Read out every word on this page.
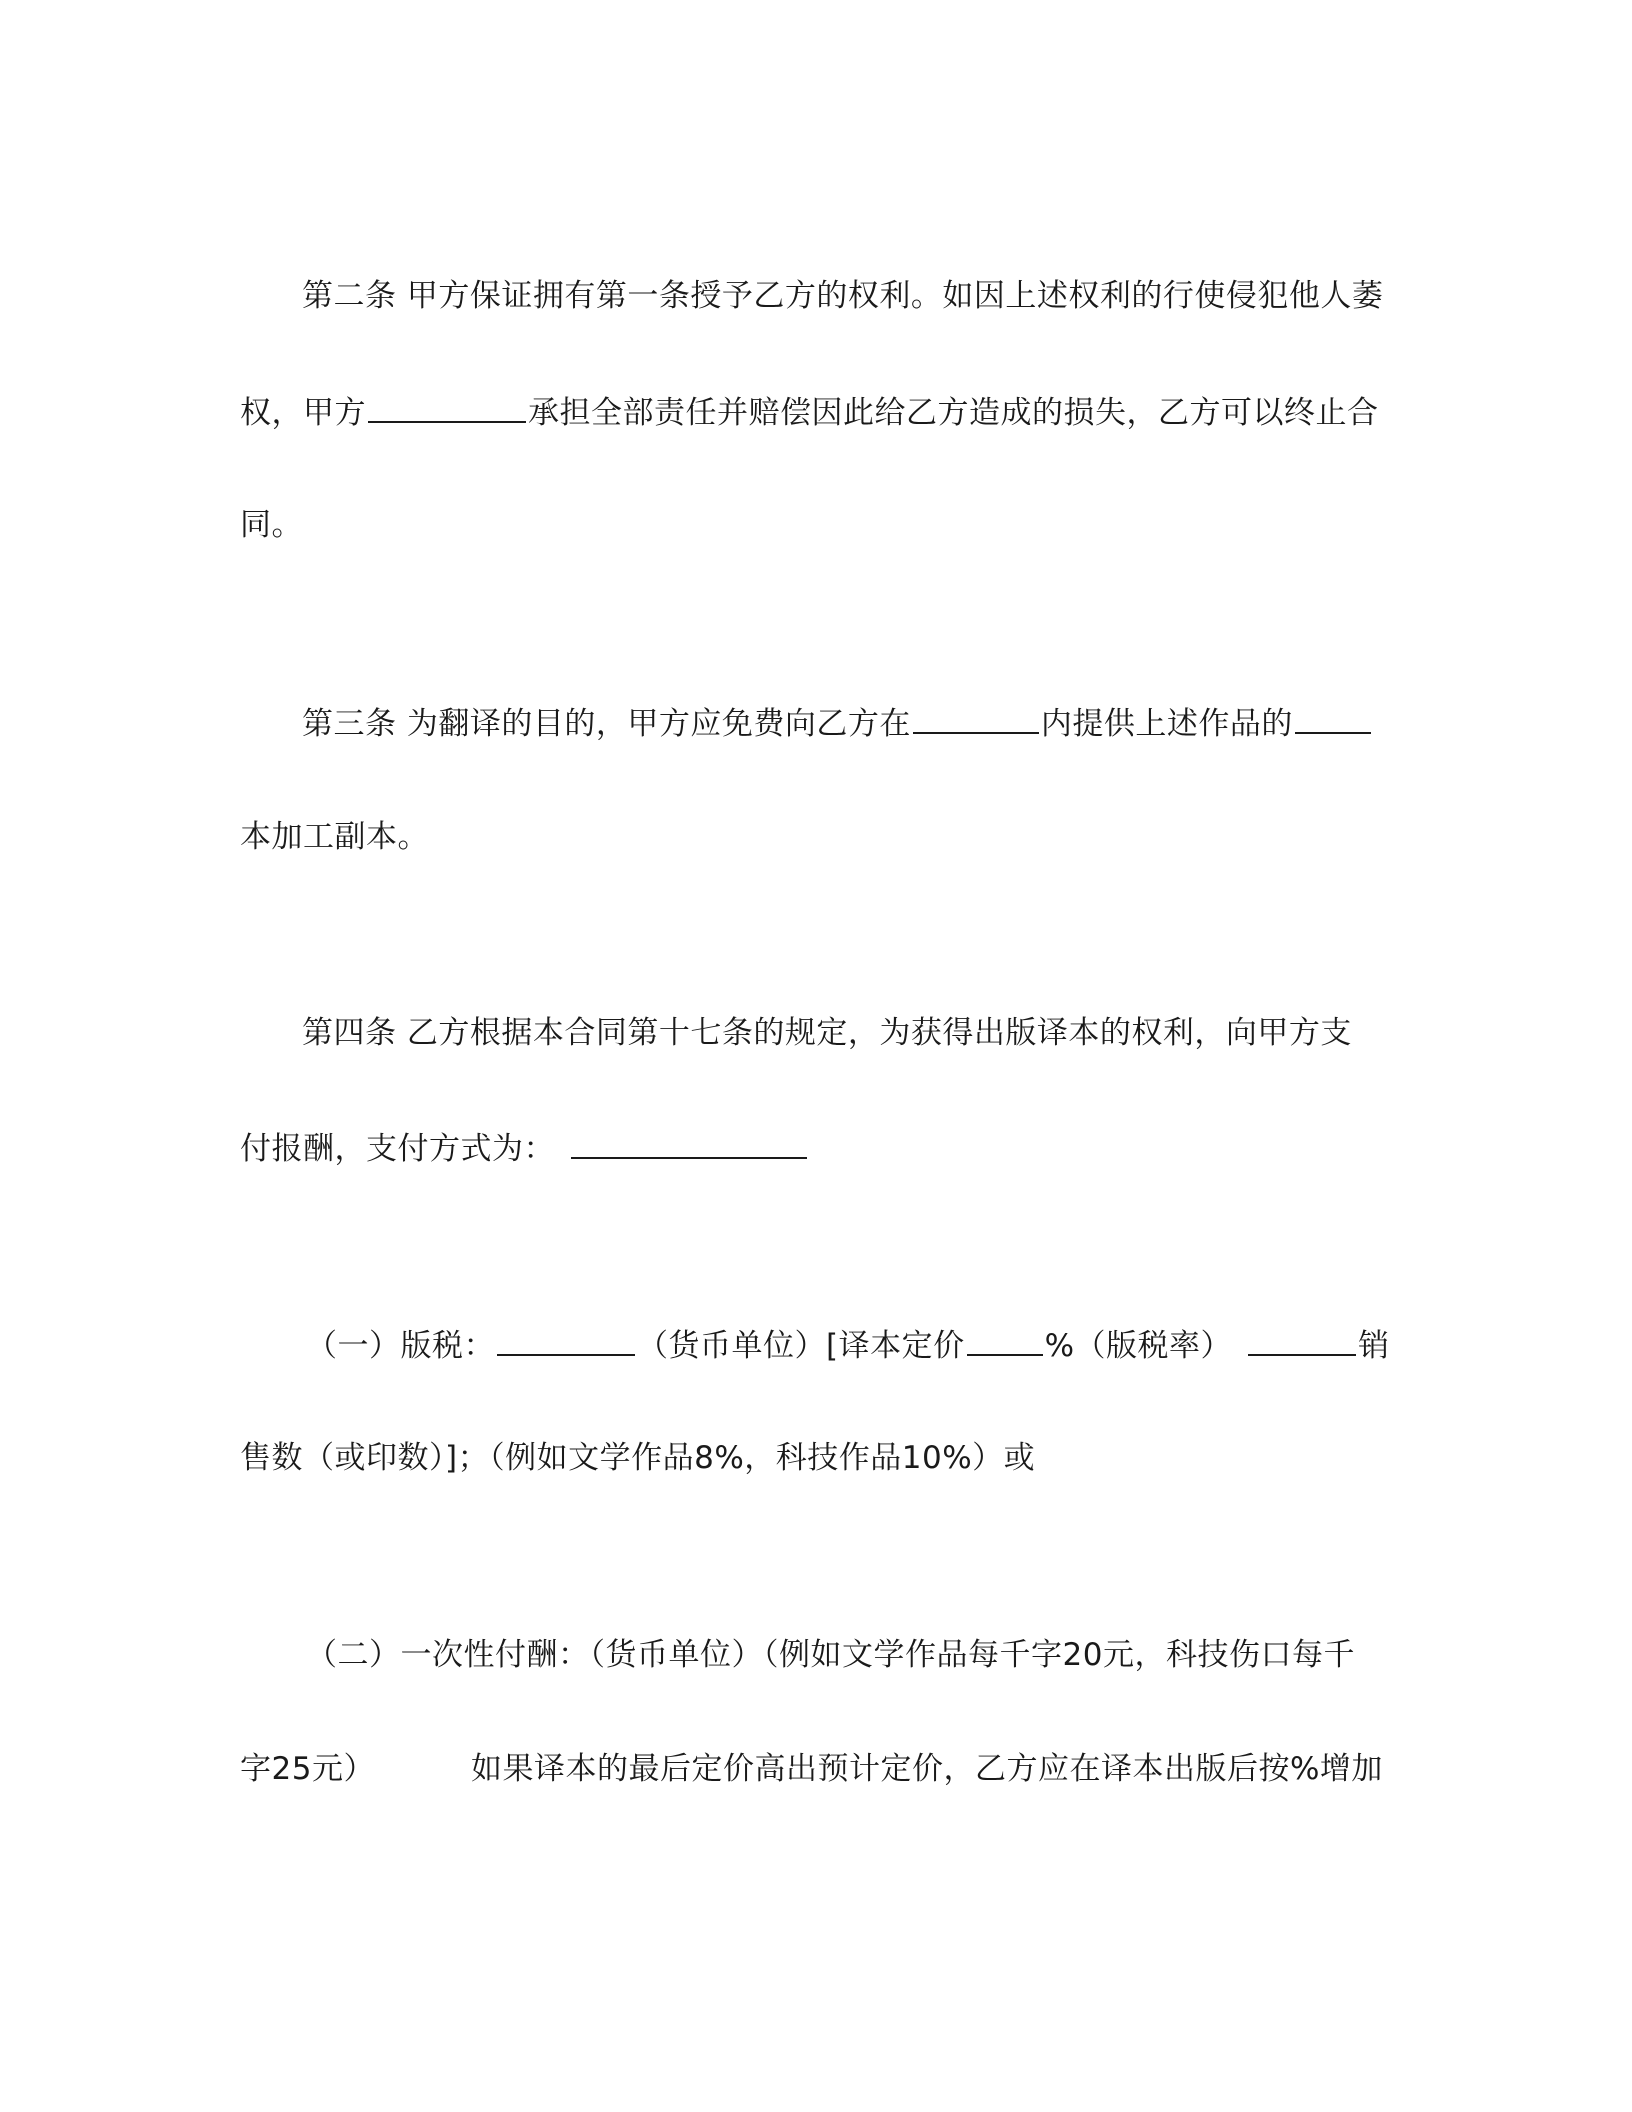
第二条 甲方保证拥有第一条授予乙方的权利。如因上述权利的行使侵犯他人萎
权，甲方	承担全部责任并赔偿因此给乙方造成的损失，乙方可以终止合
同。
第三条 为翻译的目的，甲方应免费向乙方在	内提供上述作品的
本加工副本。
第四条 乙方根据本合同第十七条的规定，为获得出版译本的权利，向甲方支
付报酬，支付方式为：
（一）版税：	（货币单位）[译本定价	%（版税率）	销
售数（或印数）]；（例如文学作品8%，科技作品10%）或
（二）一次性付酬：（货币单位）（例如文学作品每千字20元，科技伤口每千
字25元）	如果译本的最后定价高出预计定价，乙方应在译本出版后按%增加
